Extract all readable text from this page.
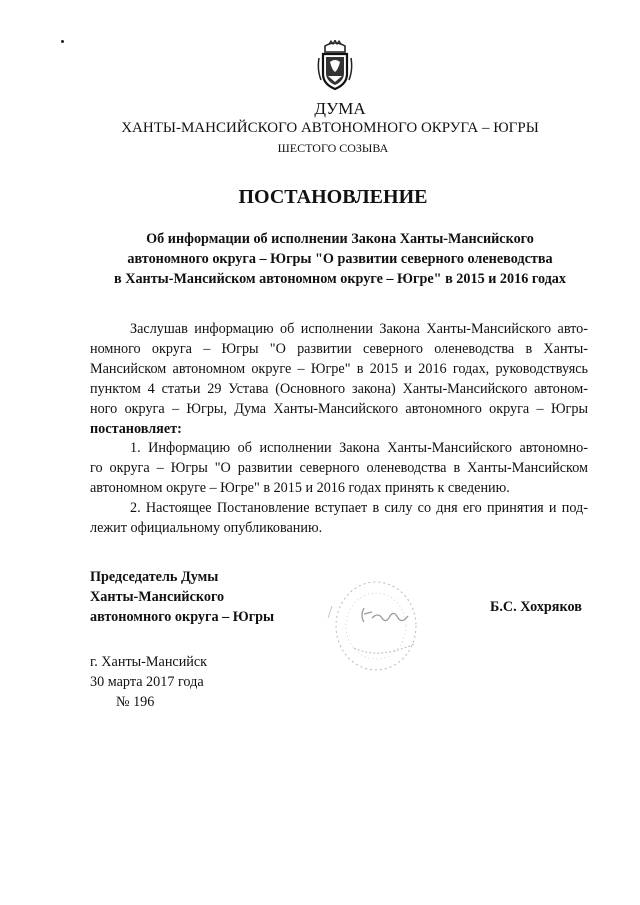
ДУМА
ХАНТЫ-МАНСИЙСКОГО АВТОНОМНОГО ОКРУГА – ЮГРЫ
ШЕСТОГО СОЗЫВА
ПОСТАНОВЛЕНИЕ
Об информации об исполнении Закона Ханты-Мансийского
автономного округа – Югры "О развитии северного оленеводства
в Ханты-Мансийском автономном округе – Югре" в 2015 и 2016 годах
Заслушав информацию об исполнении Закона Ханты-Мансийского авто-
номного округа – Югры "О развитии северного оленеводства в Ханты-
Мансийском автономном округе – Югре" в 2015 и 2016 годах, руководствуясь
пунктом 4 статьи 29 Устава (Основного закона) Ханты-Мансийского автоном-
ного округа – Югры, Дума Ханты-Мансийского автономного округа – Югры
постановляет:
1. Информацию об исполнении Закона Ханты-Мансийского автономно-
го округа – Югры "О развитии северного оленеводства в Ханты-Мансийском
автономном округе – Югре" в 2015 и 2016 годах принять к сведению.
2. Настоящее Постановление вступает в силу со дня его принятия и под-
лежит официальному опубликованию.
Председатель Думы
Ханты-Мансийского
автономного округа – Югры
Б.С. Хохряков
г. Ханты-Мансийск
30 марта 2017 года
№ 196
